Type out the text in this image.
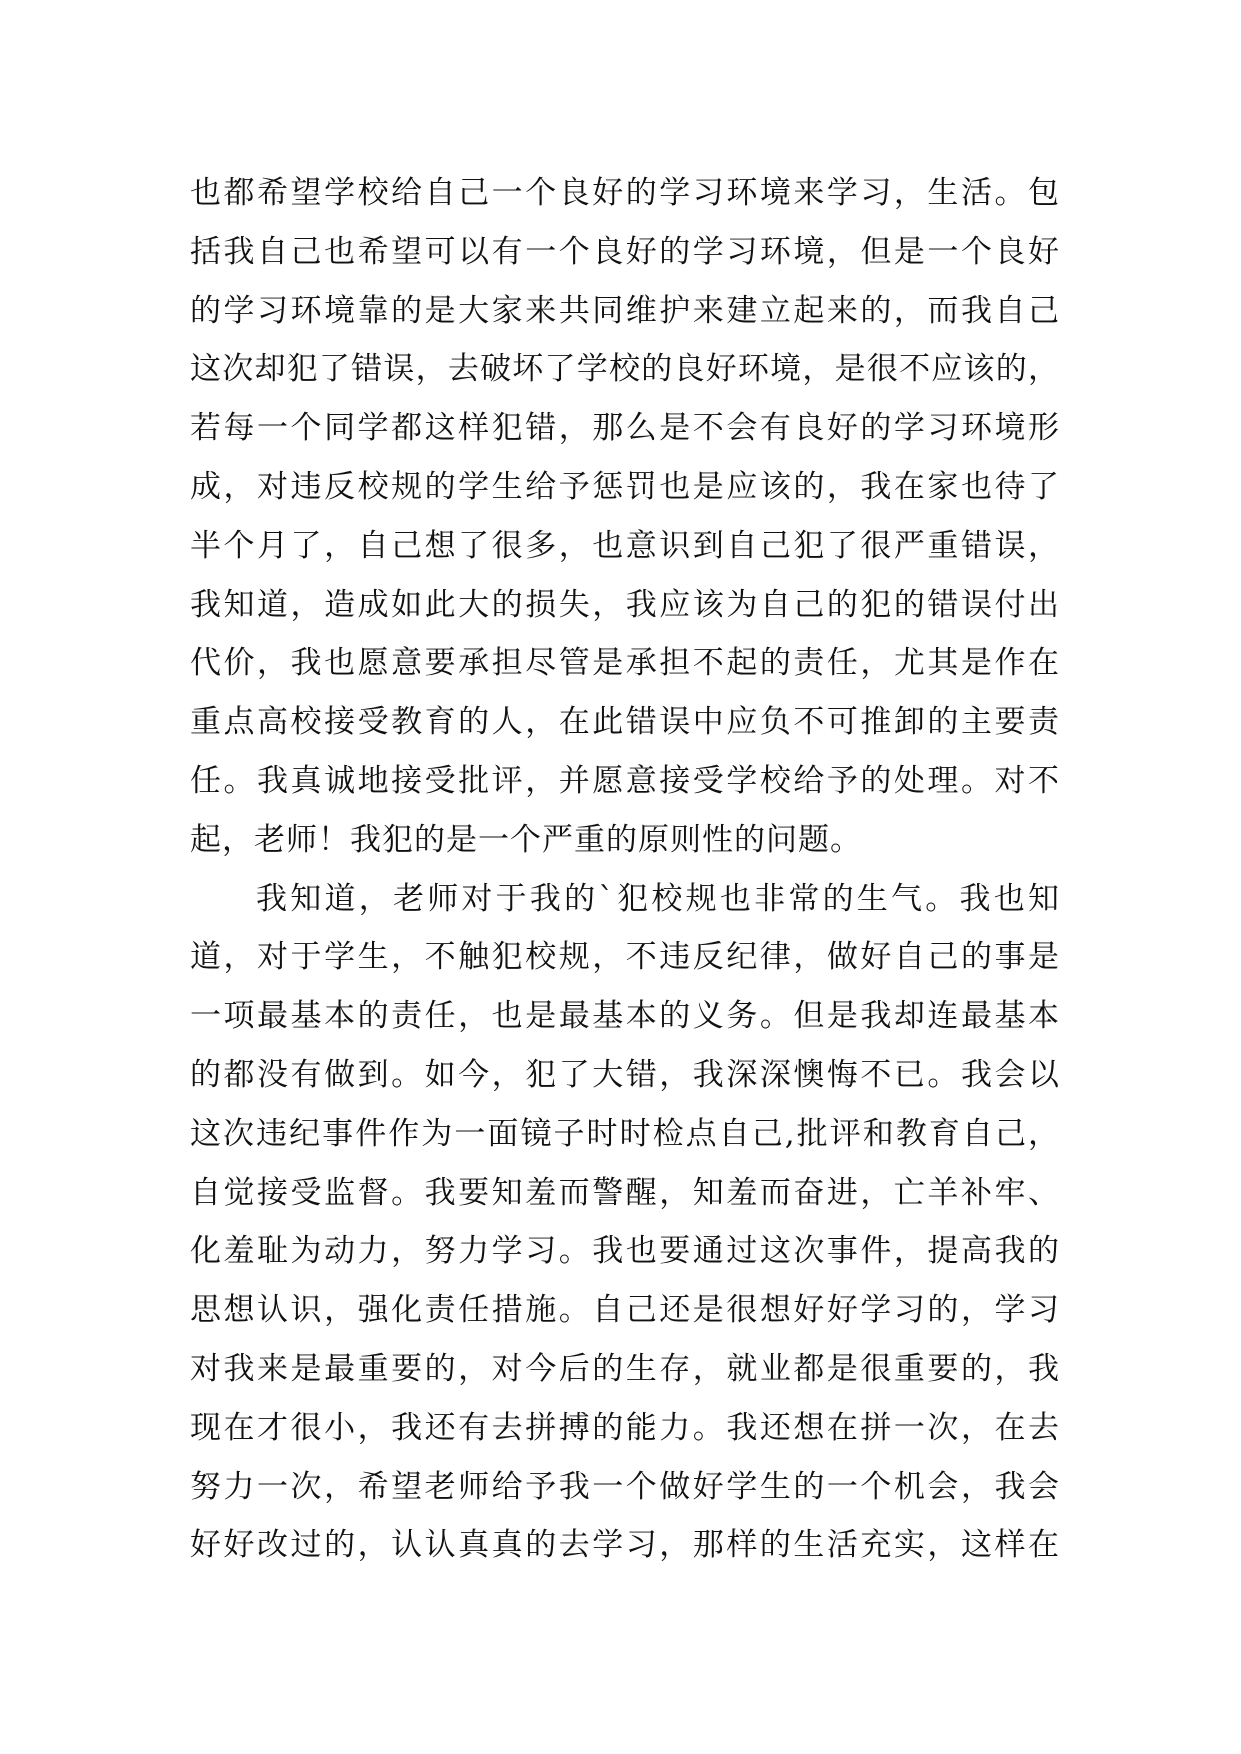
也都希望学校给自己一个良好的学习环境来学习，生活。包
括我自己也希望可以有一个良好的学习环境，但是一个良好
的学习环境靠的是大家来共同维护来建立起来的，而我自己
这次却犯了错误，去破坏了学校的良好环境，是很不应该的，
若每一个同学都这样犯错，那么是不会有良好的学习环境形
成，对违反校规的学生给予惩罚也是应该的，我在家也待了
半个月了，自己想了很多，也意识到自己犯了很严重错误，
我知道，造成如此大的损失，我应该为自己的犯的错误付出
代价，我也愿意要承担尽管是承担不起的责任，尤其是作在
重点高校接受教育的人，在此错误中应负不可推卸的主要责
任。我真诚地接受批评，并愿意接受学校给予的处理。对不
起，老师！我犯的是一个严重的原则性的问题。
我知道，老师对于我的`犯校规也非常的生气。我也知
道，对于学生，不触犯校规，不违反纪律，做好自己的事是
一项最基本的责任，也是最基本的义务。但是我却连最基本
的都没有做到。如今，犯了大错，我深深懊悔不已。我会以
这次违纪事件作为一面镜子时时检点自己,批评和教育自己，
自觉接受监督。我要知羞而警醒，知羞而奋进，亡羊补牢、
化羞耻为动力，努力学习。我也要通过这次事件，提高我的
思想认识，强化责任措施。自己还是很想好好学习的，学习
对我来是最重要的，对今后的生存，就业都是很重要的，我
现在才很小，我还有去拼搏的能力。我还想在拼一次，在去
努力一次，希望老师给予我一个做好学生的一个机会，我会
好好改过的，认认真真的去学习，那样的生活充实，这样在
